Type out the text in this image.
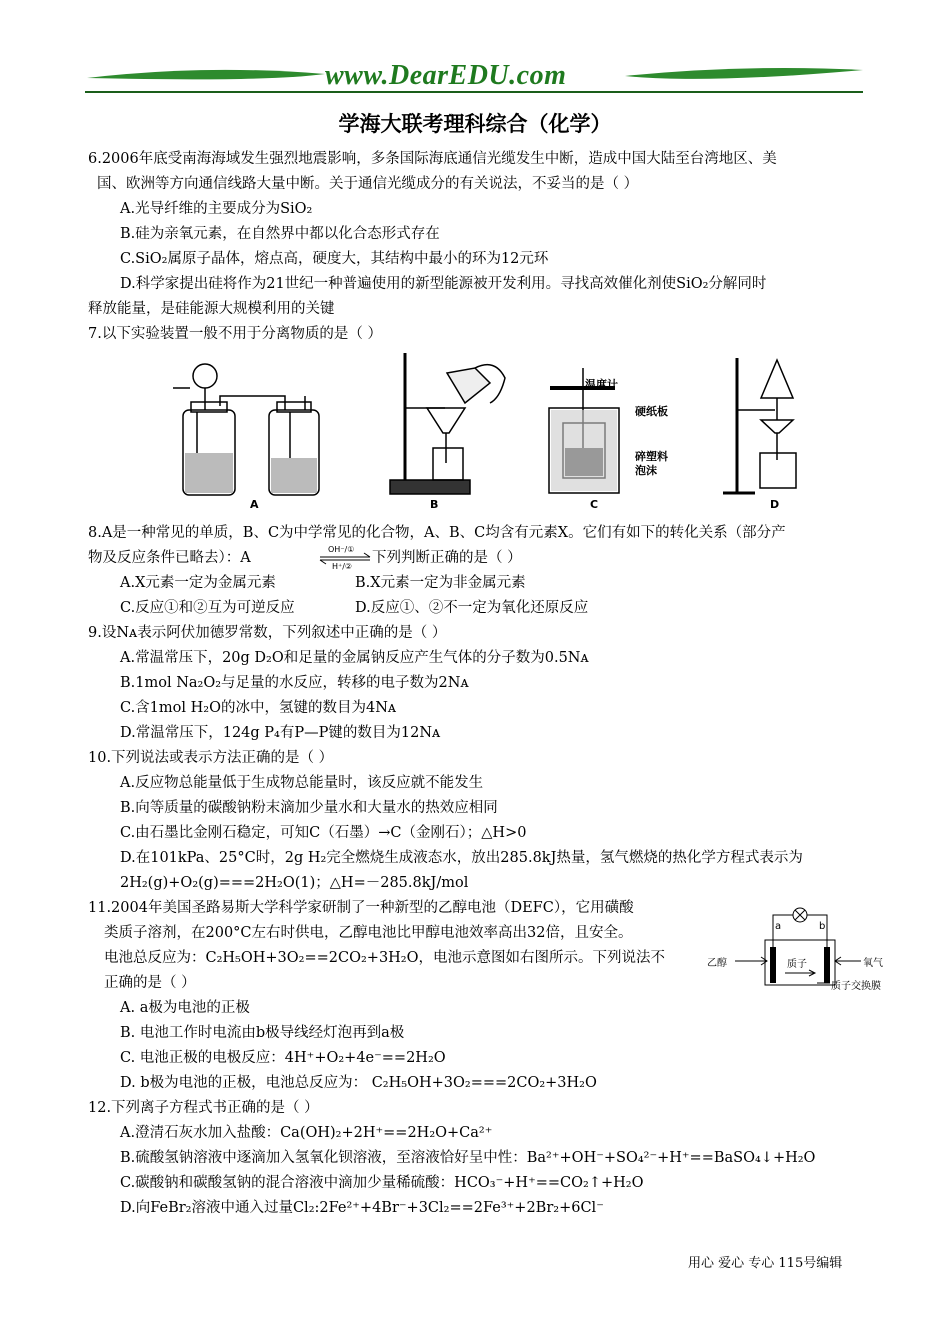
www.DearEDU.com
学海大联考理科综合（化学）
6.2006年底受南海海域发生强烈地震影响，多条国际海底通信光缆发生中断，造成中国大陆至台湾地区、美
国、欧洲等方向通信线路大量中断。关于通信光缆成分的有关说法，不妥当的是（ ）
A.光导纤维的主要成分为SiO₂
B.硅为亲氧元素，在自然界中都以化合态形式存在
C.SiO₂属原子晶体，熔点高，硬度大，其结构中最小的环为12元环
D.科学家提出硅将作为21世纪一种普遍使用的新型能源被开发利用。寻找高效催化剂使SiO₂分解同时
释放能量，是硅能源大规模利用的关键
7.以下实验装置一般不用于分离物质的是（ ）
A	B	C	D
温度计
硬纸板
碎塑料
泡沫
8.A是一种常见的单质，B、C为中学常见的化合物，A、B、C均含有元素X。它们有如下的转化关系（部分产
物及反应条件已略去）：A
OH⁻/①
H⁺/②
下列判断正确的是（ ）
A.X元素一定为金属元素	B.X元素一定为非金属元素
C.反应①和②互为可逆反应	D.反应①、②不一定为氧化还原反应
9.设Nᴀ表示阿伏加德罗常数，下列叙述中正确的是（ ）
A.常温常压下，20g D₂O和足量的金属钠反应产生气体的分子数为0.5Nᴀ
B.1mol Na₂O₂与足量的水反应，转移的电子数为2Nᴀ
C.含1mol H₂O的冰中，氢键的数目为4Nᴀ
D.常温常压下，124g P₄有P—P键的数目为12Nᴀ
10.下列说法或表示方法正确的是（ ）
A.反应物总能量低于生成物总能量时，该反应就不能发生
B.向等质量的碳酸钠粉末滴加少量水和大量水的热效应相同
C.由石墨比金刚石稳定，可知C（石墨）→C（金刚石）；△H>0
D.在101kPa、25°C时，2g H₂完全燃烧生成液态水，放出285.8kJ热量，氢气燃烧的热化学方程式表示为
2H₂(g)+O₂(g)===2H₂O(1)；△H=－285.8kJ/mol
11.2004年美国圣路易斯大学科学家研制了一种新型的乙醇电池（DEFC），它用磺酸
类质子溶剂，在200°C左右时供电，乙醇电池比甲醇电池效率高出32倍，且安全。
电池总反应为：C₂H₅OH+3O₂==2CO₂+3H₂O，电池示意图如右图所示。下列说法不
正确的是（ ）
a	b
乙醇	氧气
质子
质子交换膜
A. a极为电池的正极
B. 电池工作时电流由b极导线经灯泡再到a极
C. 电池正极的电极反应：4H⁺+O₂+4e⁻==2H₂O
D. b极为电池的正极，电池总反应为： C₂H₅OH+3O₂===2CO₂+3H₂O
12.下列离子方程式书正确的是（ ）
A.澄清石灰水加入盐酸：Ca(OH)₂+2H⁺==2H₂O+Ca²⁺
B.硫酸氢钠溶液中逐滴加入氢氧化钡溶液，至溶液恰好呈中性：Ba²⁺+OH⁻+SO₄²⁻+H⁺==BaSO₄↓+H₂O
C.碳酸钠和碳酸氢钠的混合溶液中滴加少量稀硫酸：HCO₃⁻+H⁺==CO₂↑+H₂O
D.向FeBr₂溶液中通入过量Cl₂:2Fe²⁺+4Br⁻+3Cl₂==2Fe³⁺+2Br₂+6Cl⁻
用心 爱心 专心 115号编辑
